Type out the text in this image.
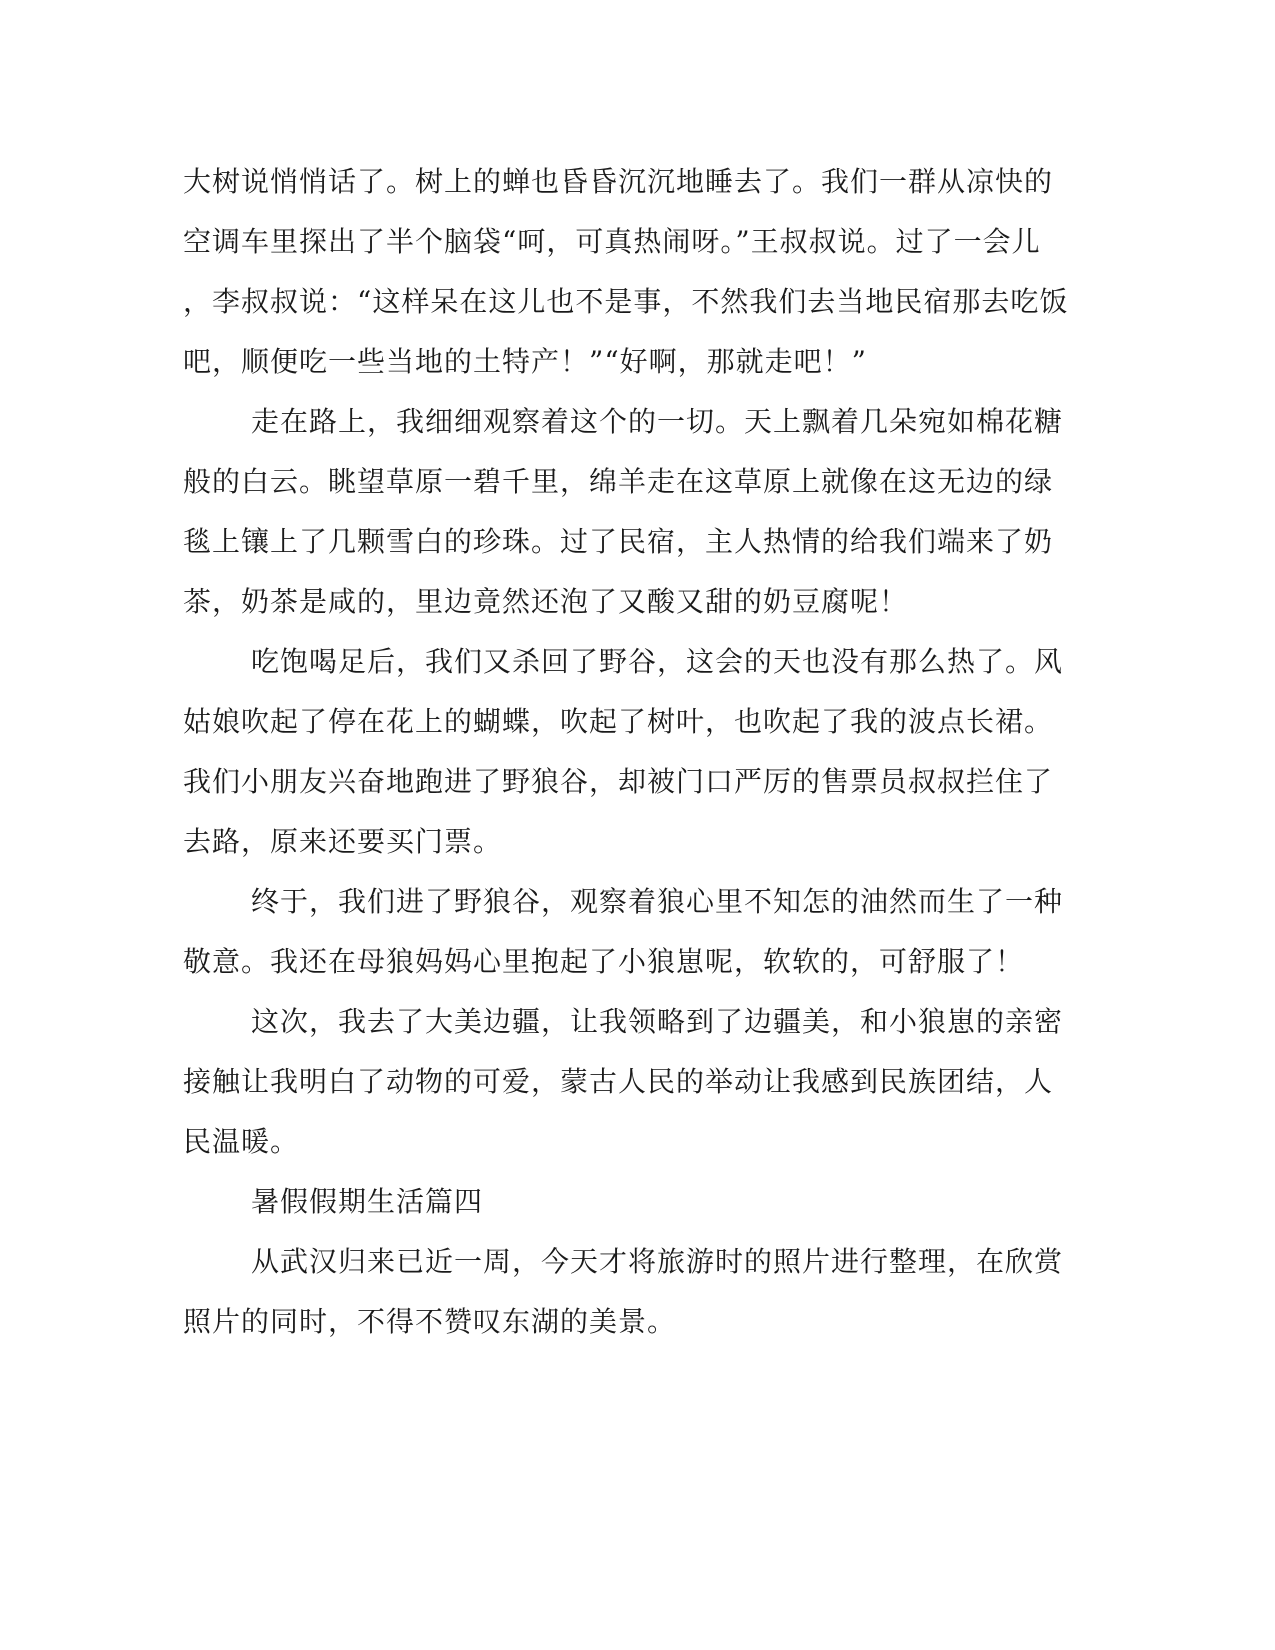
大树说悄悄话了。树上的蝉也昏昏沉沉地睡去了。我们一群从凉快的
空调车里探出了半个脑袋“呵，可真热闹呀。”王叔叔说。过了一会儿
，李叔叔说：“这样呆在这儿也不是事，不然我们去当地民宿那去吃饭
吧，顺便吃一些当地的土特产！”“好啊，那就走吧！”
走在路上，我细细观察着这个的一切。天上飘着几朵宛如棉花糖
般的白云。眺望草原一碧千里，绵羊走在这草原上就像在这无边的绿
毯上镶上了几颗雪白的珍珠。过了民宿，主人热情的给我们端来了奶
茶，奶茶是咸的，里边竟然还泡了又酸又甜的奶豆腐呢！
吃饱喝足后，我们又杀回了野谷，这会的天也没有那么热了。风
姑娘吹起了停在花上的蝴蝶，吹起了树叶，也吹起了我的波点长裙。
我们小朋友兴奋地跑进了野狼谷，却被门口严厉的售票员叔叔拦住了
去路，原来还要买门票。
终于，我们进了野狼谷，观察着狼心里不知怎的油然而生了一种
敬意。我还在母狼妈妈心里抱起了小狼崽呢，软软的，可舒服了！
这次，我去了大美边疆，让我领略到了边疆美，和小狼崽的亲密
接触让我明白了动物的可爱，蒙古人民的举动让我感到民族团结，人
民温暖。
暑假假期生活篇四
从武汉归来已近一周，今天才将旅游时的照片进行整理，在欣赏
照片的同时，不得不赞叹东湖的美景。
